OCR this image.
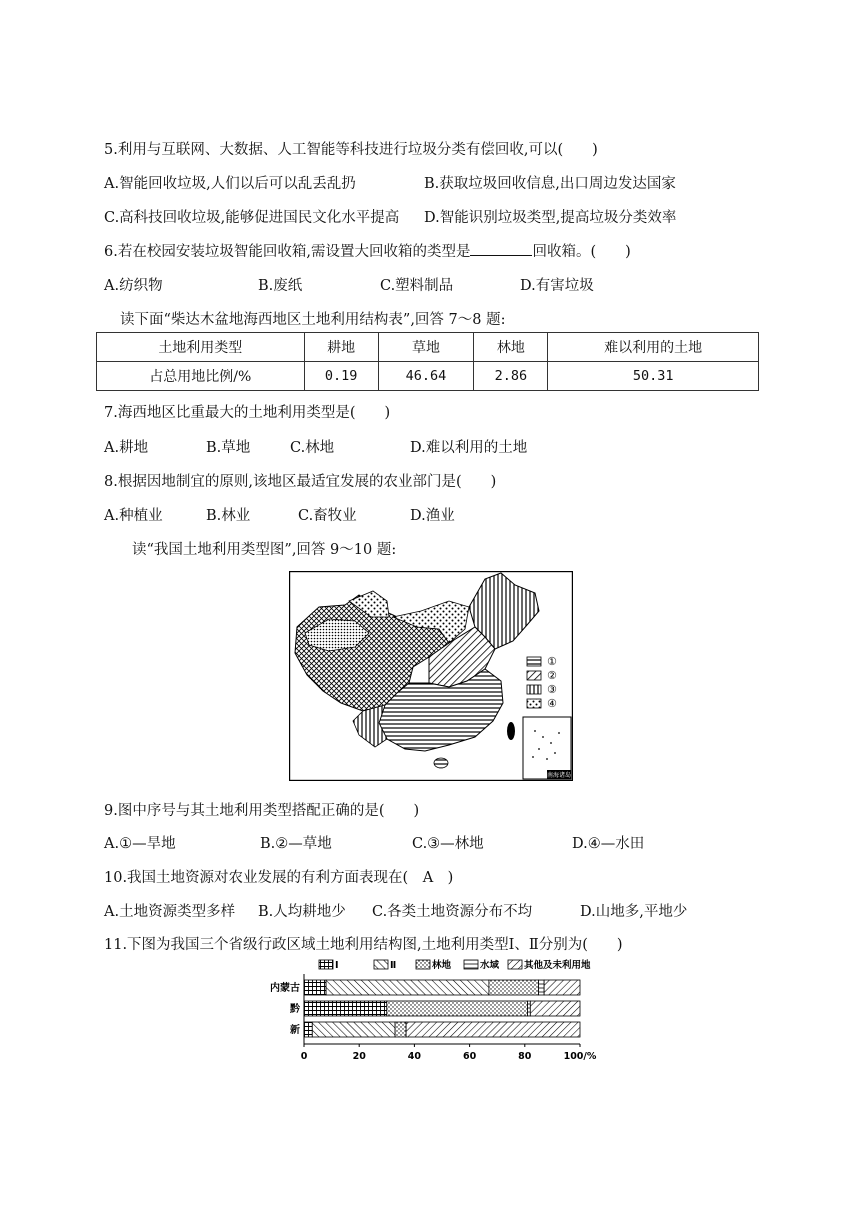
5.利用与互联网、大数据、人工智能等科技进行垃圾分类有偿回收,可以(　　)
A.智能回收垃圾,人们以后可以乱丢乱扔	B.获取垃圾回收信息,出口周边发达国家
C.高科技回收垃圾,能够促进国民文化水平提高 D.智能识别垃圾类型,提高垃圾分类效率
6.若在校园安装垃圾智能回收箱,需设置大回收箱的类型是	回收箱。(　　)
A.纺织物	B.废纸	C.塑料制品	D.有害垃圾
读下面“柴达木盆地海西地区土地利用结构表”,回答 7～8 题:
土地利用类型	耕地	草地	林地	难以利用的土地
占总用地比例/%	0.19	46.64	2.86	50.31
7.海西地区比重最大的土地利用类型是(　　)
A.耕地	B.草地	C.林地	D.难以利用的土地
8.根据因地制宜的原则,该地区最适宜发展的农业部门是(　　)
A.种植业	B.林业	C.畜牧业	D.渔业
读“我国土地利用类型图”,回答 9～10 题:
①
②
③
④
南海诸岛
9.图中序号与其土地利用类型搭配正确的是(　　)
A.①—旱地	B.②—草地	C.③—林地	D.④—水田
10.我国土地资源对农业发展的有利方面表现在(　A　)
A.土地资源类型多样 B.人均耕地少 C.各类土地资源分布不均	D.山地多,平地少
11.下图为我国三个省级行政区域土地利用结构图,土地利用类型Ⅰ、Ⅱ分别为(　　)
Ⅰ	Ⅱ	林地	水域	其他及未利用地
内蒙古
黔
新
0	20	40	60	80	100/%
